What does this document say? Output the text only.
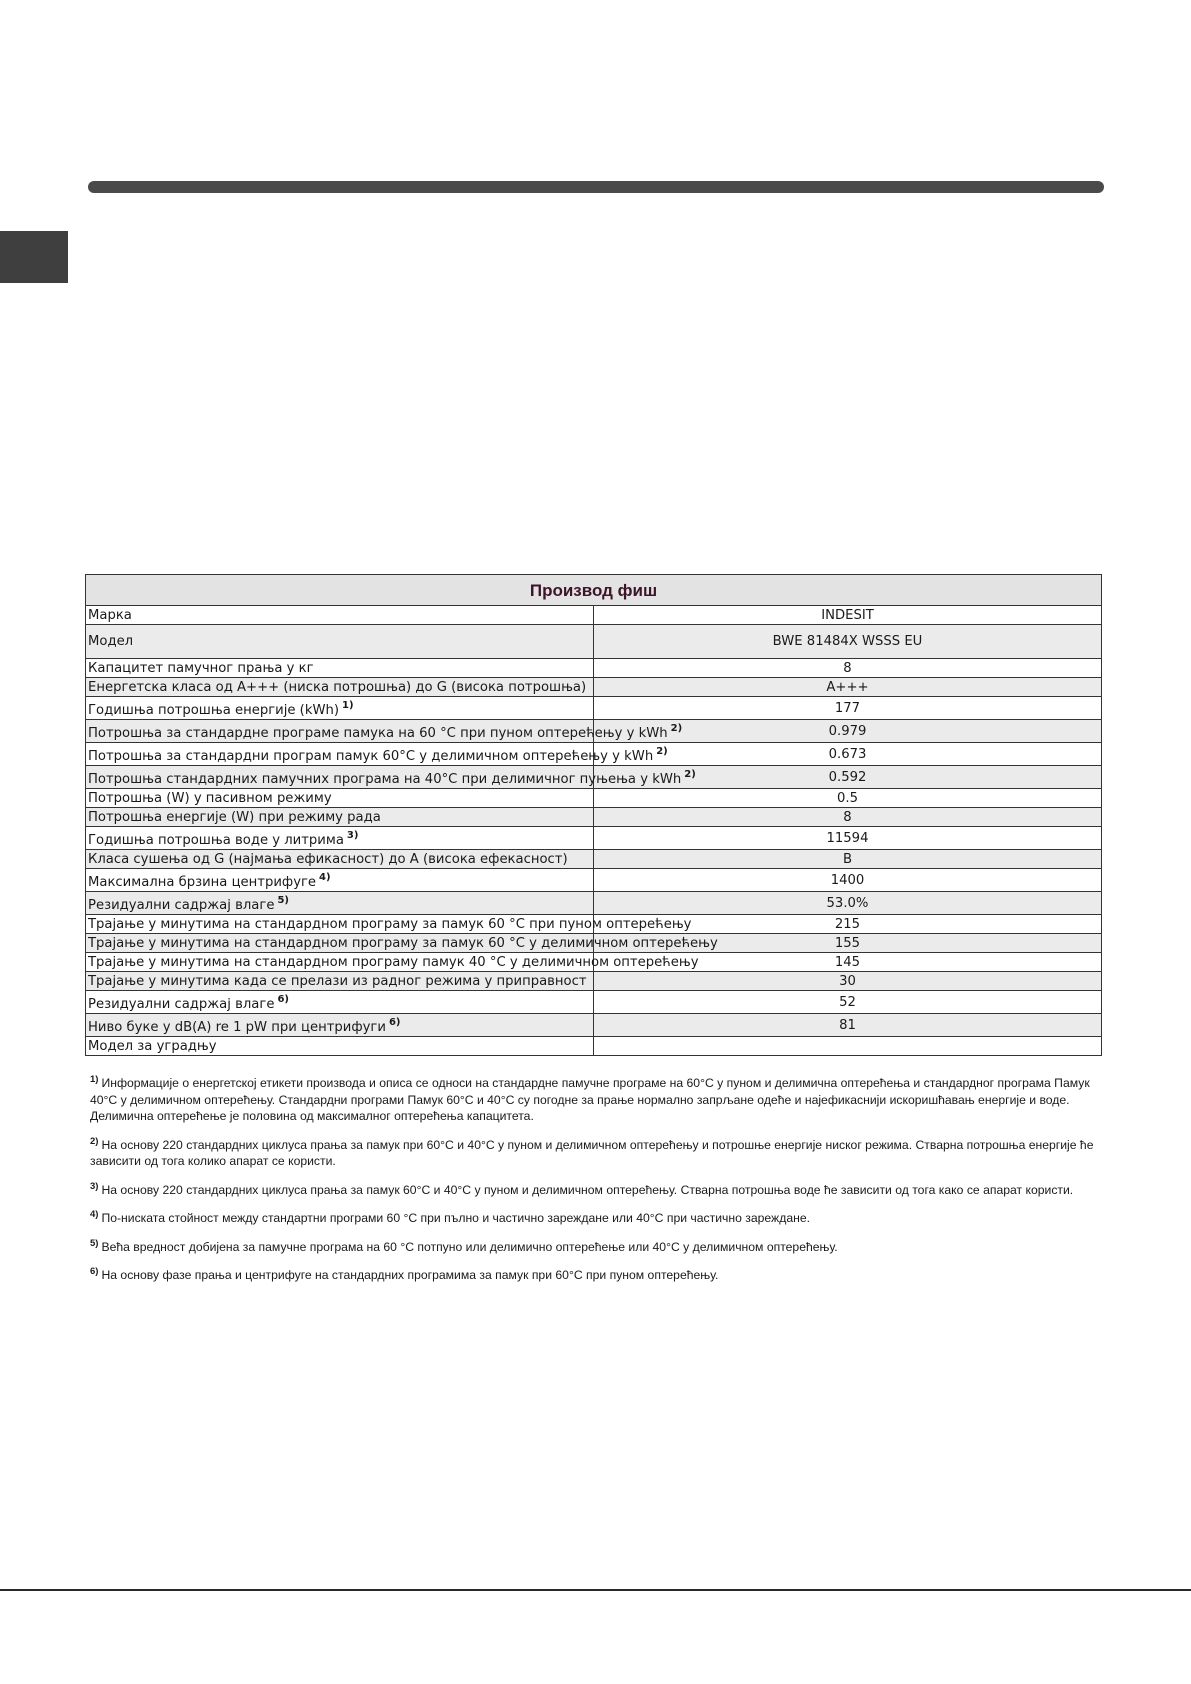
Производ фиш	
Марка	INDESIT
Модел	BWE 81484X WSSS EU
Капацитет памучног прања у кг	8
Енергетска класа од А+++ (ниска потрошња) до G (висока потрошња)	A+++
Годишња потрошња енергије (kWh) $^{1)}$	177
Потрошња за стандардне програме памука на 60 °C при пуном оптерећењу у kWh $^{2)}$	0.979
Потрошња за стандардни програм памук 60°C у делимичном оптерећењу у kWh $^{2)}$	0.673
Потрошња стандардних памучних програма на 40°C при делимичног пуњења у kWh $^{2)}$	0.592
Потрошња (W) у пасивном режиму	0.5
Потрошња енергије (W) при режиму рада	8
Годишња потрошња воде у литрима $^{3)}$	11594
Класа сушења од G (најмања ефикасност) до A (висока ефекасност)	B
Максимална брзина центрифуге $^{4)}$	1400
Резидуални садржај влаге $^{5)}$	53.0%
Трајање у минутима на стандардном програму за памук 60 °C при пуном оптерећењу	215
Трајање у минутима на стандардном програму за памук 60 °C у делимичном оптерећењу	155
Трајање у минутима на стандардном програму памук 40 °C у делимичном оптерећењу	145
Трајање у минутима када се прелази из радног режима у приправност	30
Резидуални садржај влаге $^{6)}$	52
Ниво буке у dB(A) re 1 pW при центрифуги $^{6)}$	81
Модел за уградњу	
$^{1)}$ Информације о енергетској етикети производа и описа се односи на стандардне памучне програме на 60°C у пуном и делимична оптерећења и стандардног програма Памук 40°C у делимичном оптерећењу. Стандардни програми Памук 60°C и 40°C су погодне за прање нормално запрљане одеће и најефикаснији искоришћавањ енергије и воде. Делимична оптерећење је половина од максималног оптерећења капацитета.
$^{2)}$ На основу 220 стандардних циклуса прања за памук при 60°C и 40°C у пуном и делимичном оптерећењу и потрошње енергије ниског режима. Стварна потрошња енергије ће зависити од тога колико апарат се користи.
$^{3)}$ На основу 220 стандардних циклуса прања за памук 60°C и 40°C у пуном и делимичном оптерећењу. Стварна потрошња воде ће зависити од тога како се апарат користи.
$^{4)}$ По-ниската стойност между стандартни програми 60 °C при пълно и частично зареждане или 40°C при частично зареждане.
$^{5)}$ Већа вредност добијена за памучне програма на 60 °C потпуно или делимично оптерећење или 40°C у делимичном оптерећењу.
$^{6)}$ На основу фазе прања и центрифуге на стандардних програмима за памук при 60°C при пуном оптерећењу.
